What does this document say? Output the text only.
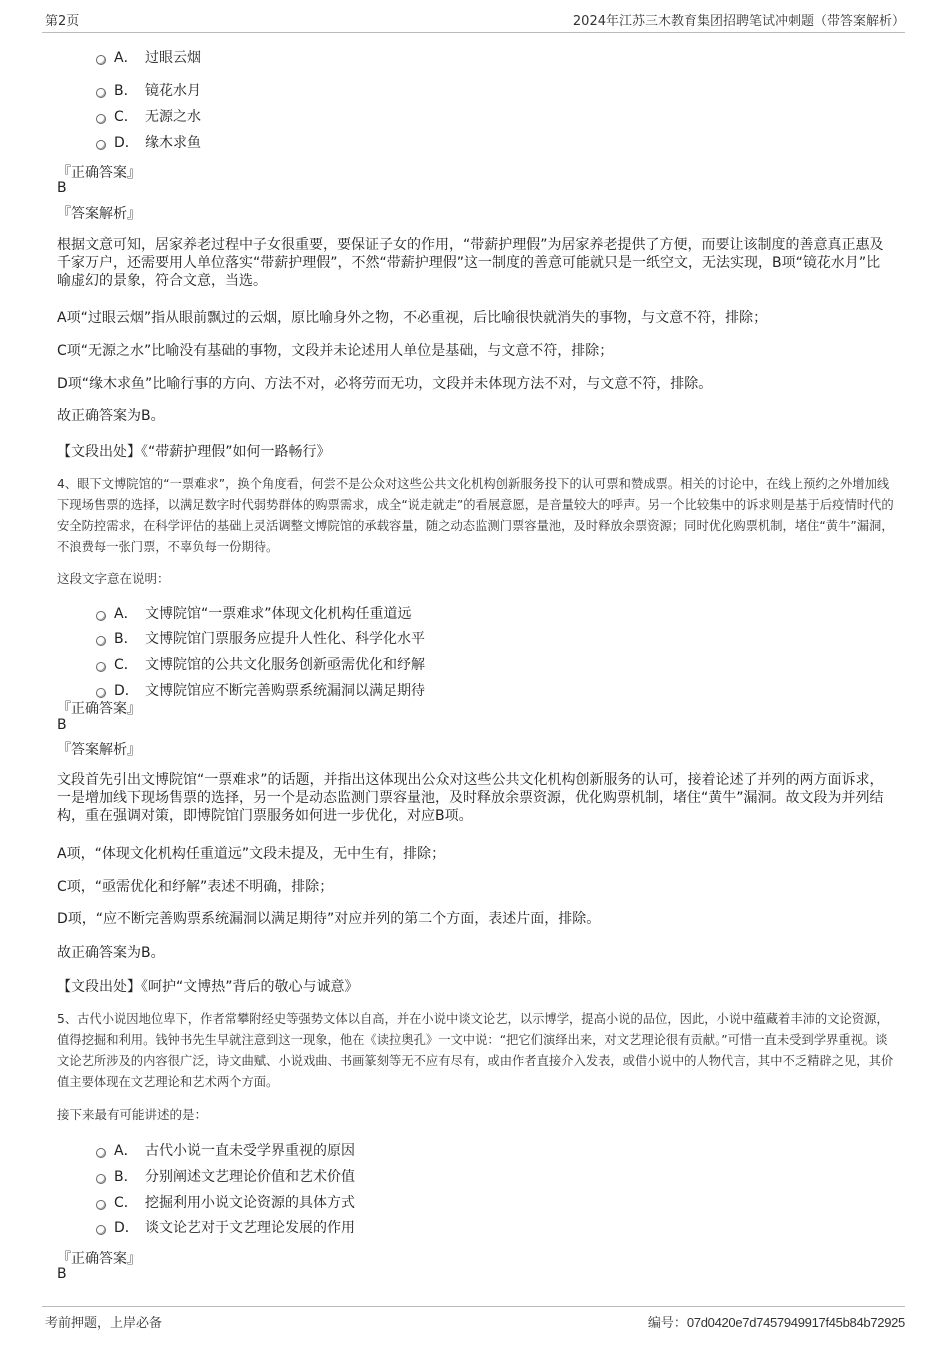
第2页	2024年江苏三木教育集团招聘笔试冲刺题（带答案解析）
A． 过眼云烟
B． 镜花水月
C． 无源之水
D． 缘木求鱼
『正确答案』
B
『答案解析』
根据文意可知，居家养老过程中子女很重要，要保证子女的作用，“带薪护理假”为居家养老提供了方便，而要让该制度的善意真正惠及千家万户，还需要用人单位落实“带薪护理假”，不然“带薪护理假”这一制度的善意可能就只是一纸空文，无法实现，B项“镜花水月”比喻虚幻的景象，符合文意，当选。
A项“过眼云烟”指从眼前飘过的云烟，原比喻身外之物，不必重视，后比喻很快就消失的事物，与文意不符，排除；
C项“无源之水”比喻没有基础的事物，文段并未论述用人单位是基础，与文意不符，排除；
D项“缘木求鱼”比喻行事的方向、方法不对，必将劳而无功，文段并未体现方法不对，与文意不符，排除。
故正确答案为B。
【文段出处】《“带薪护理假”如何一路畅行》
4、眼下文博院馆的“一票难求”，换个角度看，何尝不是公众对这些公共文化机构创新服务投下的认可票和赞成票。相关的讨论中，在线上预约之外增加线下现场售票的选择，以满足数字时代弱势群体的购票需求，成全“说走就走”的看展意愿，是音量较大的呼声。另一个比较集中的诉求则是基于后疫情时代的安全防控需求，在科学评估的基础上灵活调整文博院馆的承载容量，随之动态监测门票容量池，及时释放余票资源；同时优化购票机制，堵住“黄牛”漏洞，不浪费每一张门票，不辜负每一份期待。
这段文字意在说明：
A． 文博院馆“一票难求”体现文化机构任重道远
B． 文博院馆门票服务应提升人性化、科学化水平
C． 文博院馆的公共文化服务创新亟需优化和纾解
D． 文博院馆应不断完善购票系统漏洞以满足期待
『正确答案』
B
『答案解析』
文段首先引出文博院馆“一票难求”的话题，并指出这体现出公众对这些公共文化机构创新服务的认可，接着论述了并列的两方面诉求，一是增加线下现场售票的选择，另一个是动态监测门票容量池，及时释放余票资源，优化购票机制，堵住“黄牛”漏洞。故文段为并列结构，重在强调对策，即博院馆门票服务如何进一步优化，对应B项。
A项，“体现文化机构任重道远”文段未提及，无中生有，排除；
C项，“亟需优化和纾解”表述不明确，排除；
D项，“应不断完善购票系统漏洞以满足期待”对应并列的第二个方面，表述片面，排除。
故正确答案为B。
【文段出处】《呵护“文博热”背后的敬心与诚意》
5、古代小说因地位卑下，作者常攀附经史等强势文体以自高，并在小说中谈文论艺，以示博学，提高小说的品位，因此，小说中蕴藏着丰沛的文论资源，值得挖掘和利用。钱钟书先生早就注意到这一现象，他在《读拉奥孔》一文中说：“把它们演绎出来，对文艺理论很有贡献。”可惜一直未受到学界重视。谈文论艺所涉及的内容很广泛，诗文曲赋、小说戏曲、书画篆刻等无不应有尽有，或由作者直接介入发表，或借小说中的人物代言，其中不乏精辟之见，其价值主要体现在文艺理论和艺术两个方面。
接下来最有可能讲述的是：
A． 古代小说一直未受学界重视的原因
B． 分别阐述文艺理论价值和艺术价值
C． 挖掘利用小说文论资源的具体方式
D． 谈文论艺对于文艺理论发展的作用
『正确答案』
B
考前押题，上岸必备	编号：07d0420e7d7457949917f45b84b72925
